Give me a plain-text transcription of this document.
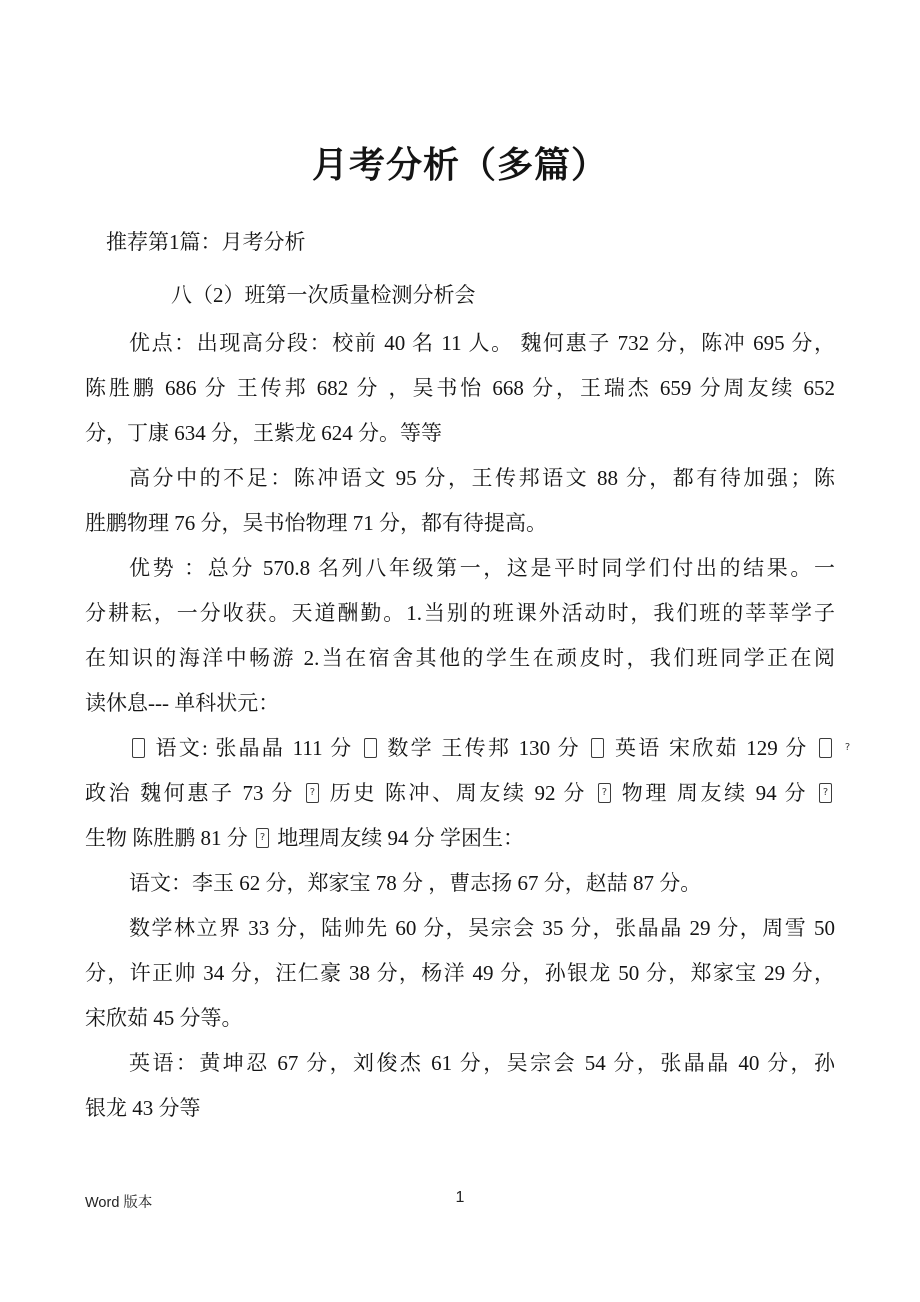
月考分析（多篇）
推荐第1篇：月考分析
八（2）班第一次质量检测分析会
优点：出现高分段：校前 40 名 11 人。 魏何惠子 732 分，陈冲 695 分，
陈胜鹏 686 分 王传邦 682 分 ，吴书怡 668 分，王瑞杰 659 分周友续 652
分，丁康 634 分，王紫龙 624 分。等等
高分中的不足：陈冲语文 95 分，王传邦语文 88 分，都有待加强；陈
胜鹏物理 76 分，吴书怡物理 71 分，都有待提高。
优势 ：总分 570.8 名列八年级第一，这是平时同学们付出的结果。一
分耕耘，一分收获。天道酬勤。1.当别的班课外活动时，我们班的莘莘学子
在知识的海洋中畅游 2.当在宿舍其他的学生在顽皮时，我们班同学正在阅
读休息--- 单科状元：
? 语文: 张晶晶 111 分 ? 数学 王传邦 130 分 ? 英语 宋欣茹 129 分 ?
政治 魏何惠子 73 分 ? 历史 陈冲、周友续 92 分 ? 物理 周友续 94 分 ?
生物 陈胜鹏 81 分 ? 地理周友续 94 分 学困生：
语文：李玉 62 分，郑家宝 78 分 ，曹志扬 67 分，赵喆 87 分。
数学林立界 33 分，陆帅先 60 分，吴宗会 35 分，张晶晶 29 分，周雪 50
分，许正帅 34 分，汪仁豪 38 分，杨洋 49 分，孙银龙 50 分，郑家宝 29 分，
宋欣茹 45 分等。
英语：黄坤忍 67 分，刘俊杰 61 分，吴宗会 54 分，张晶晶 40 分，孙
银龙 43 分等
Word 版本	1
